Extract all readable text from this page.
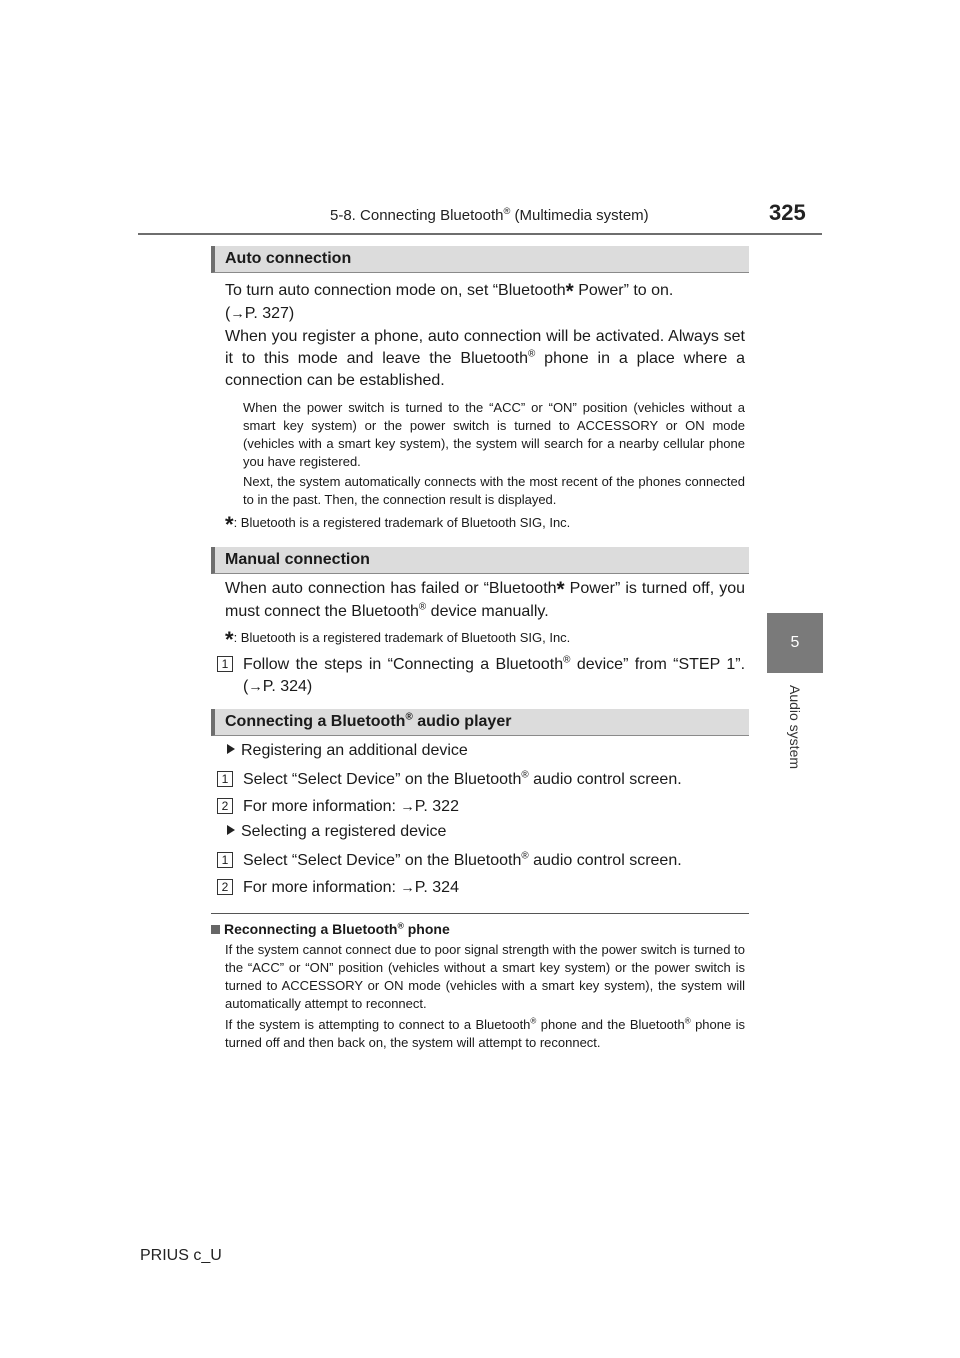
5-8. Connecting Bluetooth® (Multimedia system)	325
5
Audio system
Auto connection
To turn auto connection mode on, set “Bluetooth* Power” to on.
(→P. 327)
When you register a phone, auto connection will be activated. Always set it to this mode and leave the Bluetooth® phone in a place where a connection can be established.
When the power switch is turned to the “ACC” or “ON” position (vehicles without a smart key system) or the power switch is turned to ACCESSORY or ON mode (vehicles with a smart key system), the system will search for a nearby cellular phone you have registered.
Next, the system automatically connects with the most recent of the phones connected to in the past. Then, the connection result is displayed.
*: Bluetooth is a registered trademark of Bluetooth SIG, Inc.
Manual connection
When auto connection has failed or “Bluetooth* Power” is turned off, you must connect the Bluetooth® device manually.
*: Bluetooth is a registered trademark of Bluetooth SIG, Inc.
1 Follow the steps in “Connecting a Bluetooth® device” from “STEP 1”. (→P. 324)
Connecting a Bluetooth® audio player
Registering an additional device
1 Select “Select Device” on the Bluetooth® audio control screen.
2 For more information: →P. 322
Selecting a registered device
1 Select “Select Device” on the Bluetooth® audio control screen.
2 For more information: →P. 324
Reconnecting a Bluetooth® phone
If the system cannot connect due to poor signal strength with the power switch is turned to the “ACC” or “ON” position (vehicles without a smart key system) or the power switch is turned to ACCESSORY or ON mode (vehicles with a smart key system), the system will automatically attempt to reconnect.
If the system is attempting to connect to a Bluetooth® phone and the Bluetooth® phone is turned off and then back on, the system will attempt to reconnect.
PRIUS c_U
